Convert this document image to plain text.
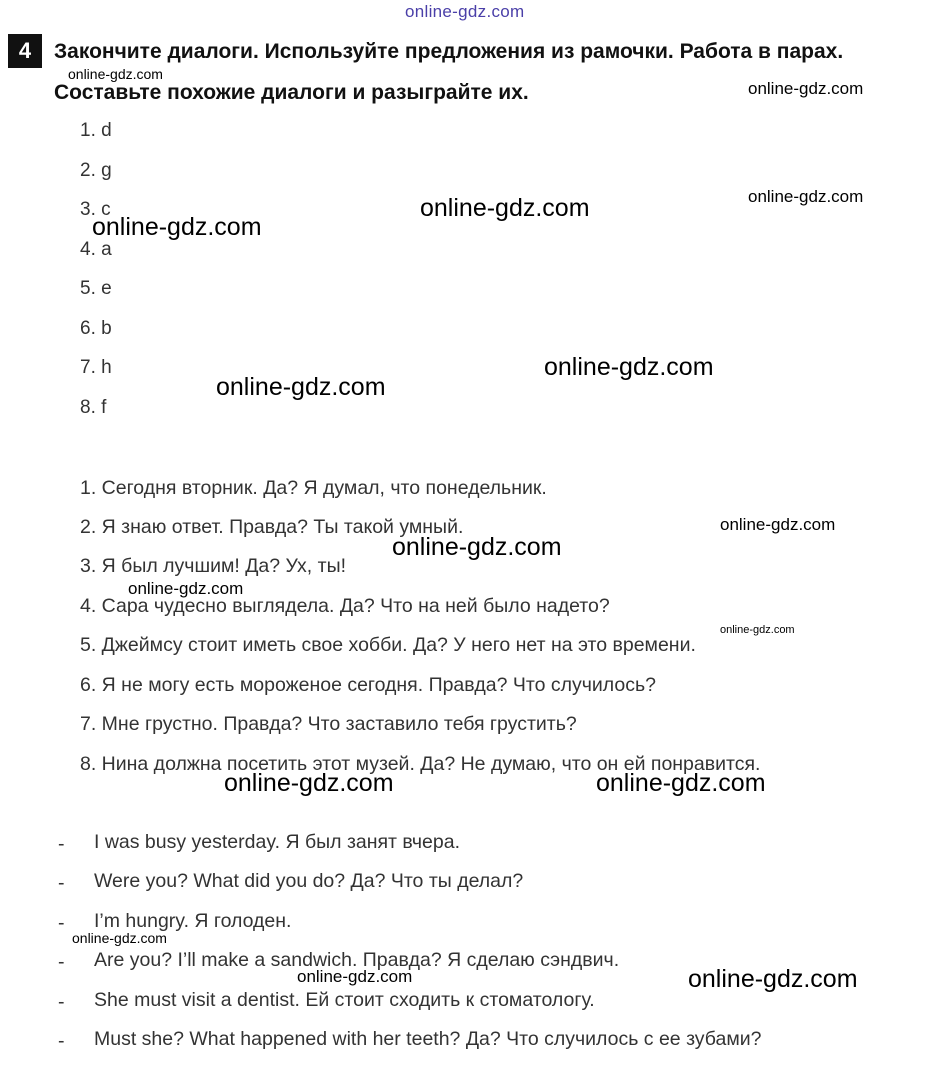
online-gdz.com
4	Закончите диалоги. Используйте предложения из рамочки. Работа в парах.
Составьте похожие диалоги и разыграйте их.
1. d
2. g
3. c
4. a
5. e
6. b
7. h
8. f
1. Сегодня вторник. Да? Я думал, что понедельник.
2. Я знаю ответ. Правда? Ты такой умный.
3. Я был лучшим! Да? Ух, ты!
4. Сара чудесно выглядела. Да? Что на ней было надето?
5. Джеймсу стоит иметь свое хобби. Да? У него нет на это времени.
6. Я не могу есть мороженое сегодня. Правда? Что случилось?
7. Мне грустно. Правда? Что заставило тебя грустить?
8. Нина должна посетить этот музей. Да? Не думаю, что он ей понравится.
- I was busy yesterday. Я был занят вчера.
- Were you? What did you do? Да? Что ты делал?
- I’m hungry. Я голоден.
- Are you? I’ll make a sandwich. Правда? Я сделаю сэндвич.
- She must visit a dentist. Ей стоит сходить к стоматологу.
- Must she? What happened with her teeth? Да? Что случилось с ее зубами?
online-gdz.com
online-gdz.com
online-gdz.com
online-gdz.com
online-gdz.com
online-gdz.com
online-gdz.com
online-gdz.com
online-gdz.com
online-gdz.com
online-gdz.com
online-gdz.com	online-gdz.com
online-gdz.com
online-gdz.com	online-gdz.com
